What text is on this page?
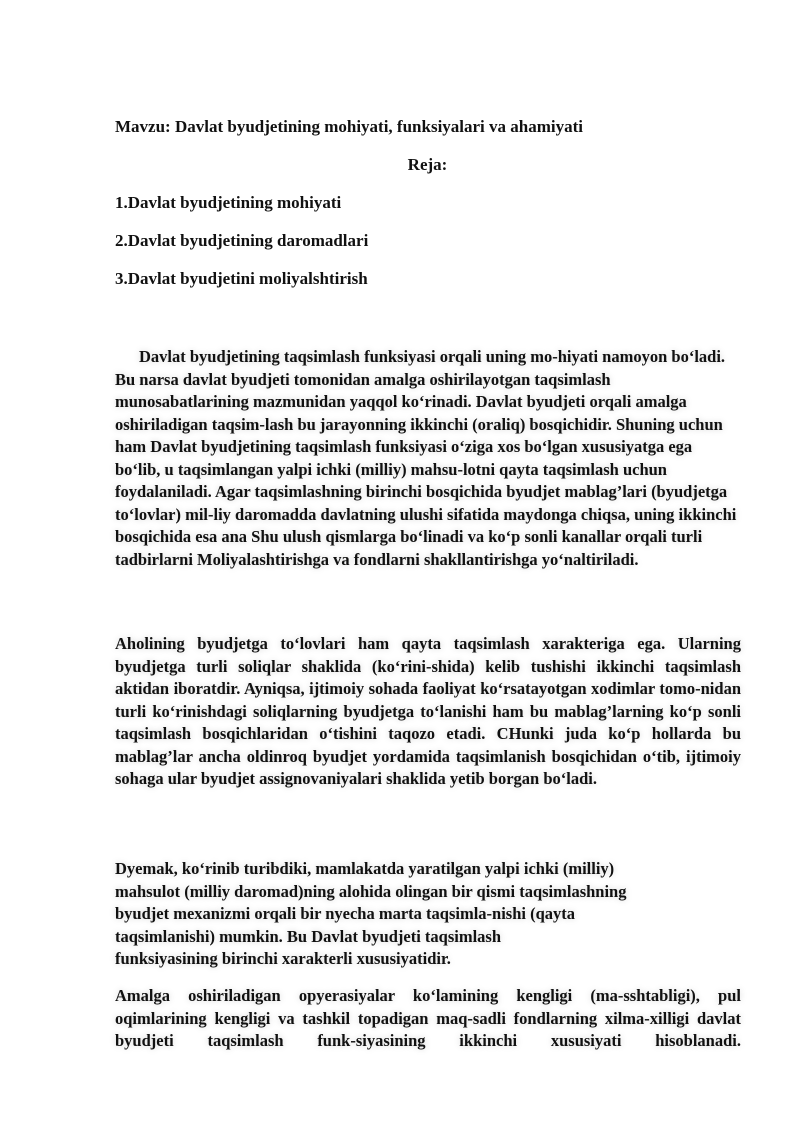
Mavzu: Davlat byudjetining mohiyati, funksiyalari va ahamiyati
Reja:
1.Davlat byudjetining mohiyati
2.Davlat byudjetining daromadlari
3.Davlat byudjetini moliyalshtirish

Davlat byudjetining taqsimlash funksiyasi orqali uning mo-hiyati namoyon bo‘ladi. Bu narsa davlat byudjeti tomonidan amalga oshirilayotgan taqsimlash munosabatlarining mazmunidan yaqqol ko‘rinadi. Davlat byudjeti orqali amalga oshiriladigan taqsim-lash bu jarayonning ikkinchi (oraliq) bosqichidir. Shuning uchun ham Davlat byudjetining taqsimlash funksiyasi o‘ziga xos bo‘lgan xususiyatga ega bo‘lib, u taqsimlangan yalpi ichki (milliy) mahsu-lotni qayta taqsimlash uchun foydalaniladi. Agar taqsimlashning birinchi bosqichida byudjet mablag’lari (byudjetga to‘lovlar) mil-liy daromadda davlatning ulushi sifatida maydonga chiqsa, uning ikkinchi bosqichida esa ana Shu ulush qismlarga bo‘linadi va ko‘p sonli kanallar orqali turli tadbirlarni Moliyalashtirishga va fondlarni shakllantirishga yo‘naltiriladi.

Aholining byudjetga to‘lovlari ham qayta taqsimlash xarakteriga ega. Ularning byudjetga turli soliqlar shaklida (ko‘rini-shida) kelib tushishi ikkinchi taqsimlash aktidan iboratdir. Ayniqsa, ijtimoiy sohada faoliyat ko‘rsatayotgan xodimlar tomo-nidan turli ko‘rinishdagi soliqlarning byudjetga to‘lanishi ham bu mablag’larning ko‘p sonli taqsimlash bosqichlaridan o‘tishini taqozo etadi. CHunki juda ko‘p hollarda bu mablag’lar ancha oldinroq byudjet yordamida taqsimlanish bosqichidan o‘tib, ijtimoiy sohaga ular byudjet assignovaniyalari shaklida yetib borgan bo‘ladi.

Dyemak, ko‘rinib turibdiki, mamlakatda yaratilgan yalpi ichki (milliy)
mahsulot (milliy daromad)ning alohida olingan bir qismi taqsimlashning
byudjet mexanizmi orqali bir nyecha marta taqsimla-nishi (qayta
taqsimlanishi) mumkin. Bu Davlat byudjeti taqsimlash
funksiyasining birinchi xarakterli xususiyatidir.

Amalga oshiriladigan opyerasiyalar ko‘lamining kengligi (ma-sshtabligi), pul oqimlarining kengligi va tashkil topadigan maq-sadli fondlarning xilma-xilligi davlat byudjeti taqsimlash funk-siyasining ikkinchi xususiyati hisoblanadi.
